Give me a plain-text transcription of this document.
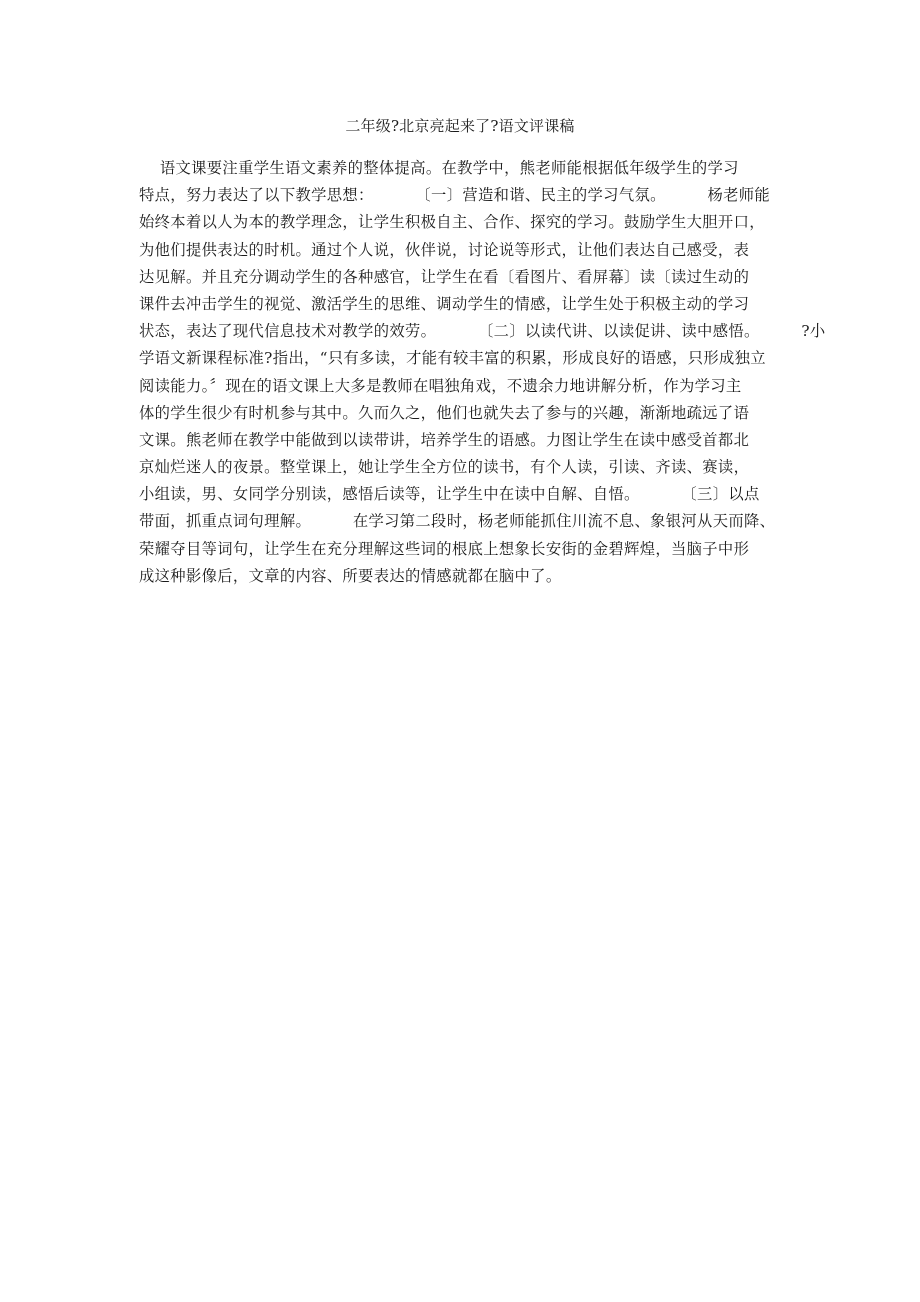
二年级?北京亮起来了?语文评课稿
语文课要注重学生语文素养的整体提高。在教学中，熊老师能根据低年级学生的学习
特点，努力表达了以下教学思想：        〔一〕营造和谐、民主的学习气氛。        杨老师能
始终本着以人为本的教学理念，让学生积极自主、合作、探究的学习。鼓励学生大胆开口，
为他们提供表达的时机。通过个人说，伙伴说，讨论说等形式，让他们表达自己感受，表
达见解。并且充分调动学生的各种感官，让学生在看〔看图片、看屏幕〕读〔读过生动的
课件去冲击学生的视觉、激活学生的思维、调动学生的情感，让学生处于积极主动的学习
状态，表达了现代信息技术对教学的效劳。        〔二〕以读代讲、以读促讲、读中感悟。        ?小
学语文新课程标准?指出，“只有多读，才能有较丰富的积累，形成良好的语感，只形成独立
阅读能力。〞现在的语文课上大多是教师在唱独角戏，不遗余力地讲解分析，作为学习主
体的学生很少有时机参与其中。久而久之，他们也就失去了参与的兴趣，渐渐地疏远了语
文课。熊老师在教学中能做到以读带讲，培养学生的语感。力图让学生在读中感受首都北
京灿烂迷人的夜景。整堂课上，她让学生全方位的读书，有个人读，引读、齐读、赛读，
小组读，男、女同学分别读，感悟后读等，让学生中在读中自解、自悟。        〔三〕以点
带面，抓重点词句理解。        在学习第二段时，杨老师能抓住川流不息、象银河从天而降、
荣耀夺目等词句，让学生在充分理解这些词的根底上想象长安街的金碧辉煌，当脑子中形
成这种影像后，文章的内容、所要表达的情感就都在脑中了。
